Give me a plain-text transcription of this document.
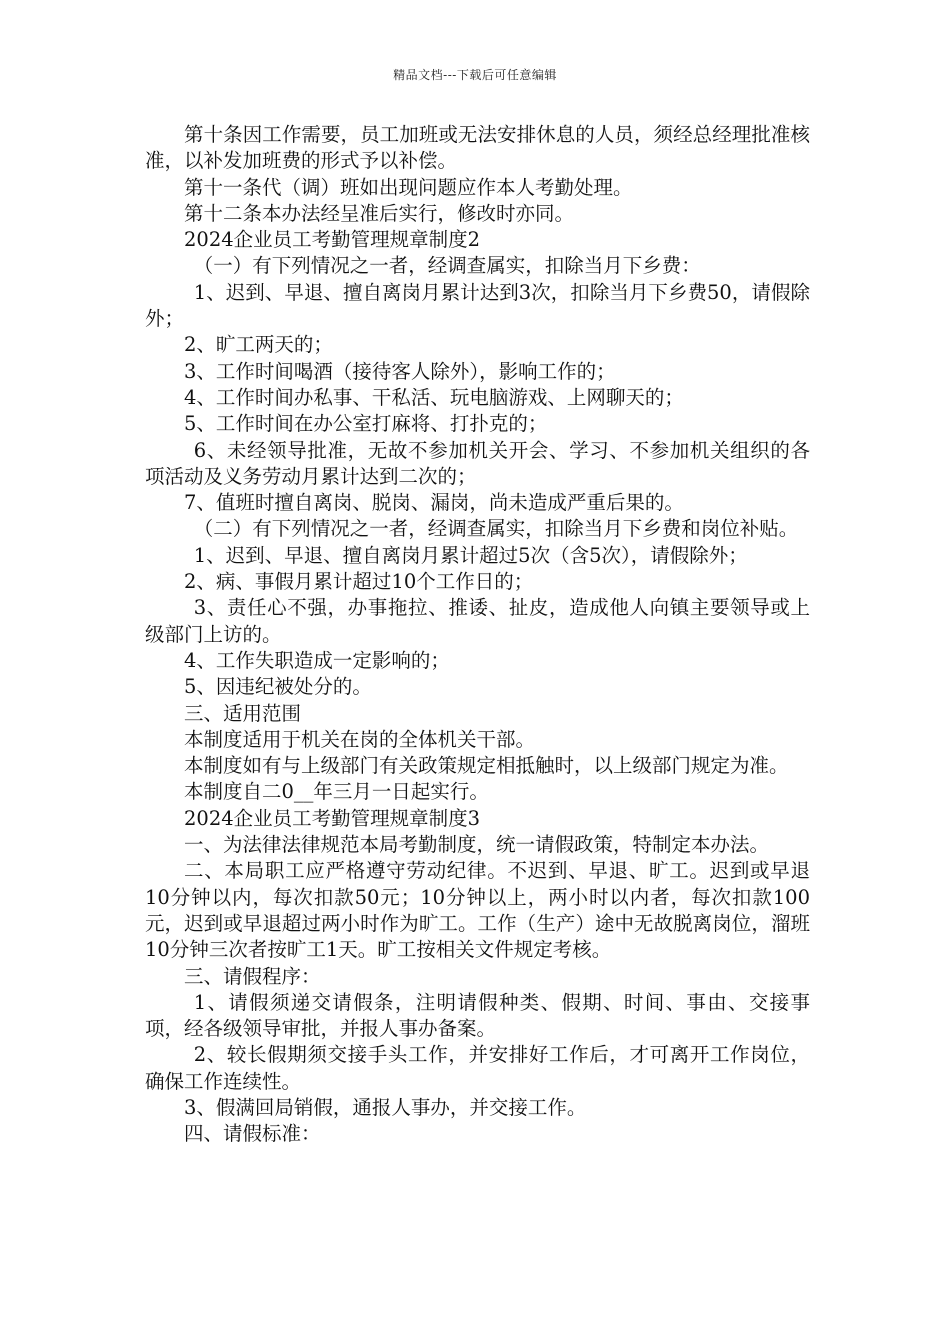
精品文档---下载后可任意编辑

第十条因工作需要，员工加班或无法安排休息的人员，须经总经理批准核准，以补发加班费的形式予以补偿。

第十一条代（调）班如出现问题应作本人考勤处理。

第十二条本办法经呈准后实行，修改时亦同。

2024企业员工考勤管理规章制度2

（一）有下列情况之一者，经调查属实，扣除当月下乡费：

1、迟到、早退、擅自离岗月累计达到3次，扣除当月下乡费50，请假除外；

2、旷工两天的；

3、工作时间喝酒（接待客人除外），影响工作的；

4、工作时间办私事、干私活、玩电脑游戏、上网聊天的；

5、工作时间在办公室打麻将、打扑克的；

6、未经领导批准，无故不参加机关开会、学习、不参加机关组织的各项活动及义务劳动月累计达到二次的；

7、值班时擅自离岗、脱岗、漏岗，尚未造成严重后果的。

（二）有下列情况之一者，经调查属实，扣除当月下乡费和岗位补贴。

1、迟到、早退、擅自离岗月累计超过5次（含5次），请假除外；

2、病、事假月累计超过10个工作日的；

3、责任心不强，办事拖拉、推诿、扯皮，造成他人向镇主要领导或上级部门上访的。

4、工作失职造成一定影响的；

5、因违纪被处分的。

三、适用范围

本制度适用于机关在岗的全体机关干部。

本制度如有与上级部门有关政策规定相抵触时，以上级部门规定为准。

本制度自二0__年三月一日起实行。

2024企业员工考勤管理规章制度3

一、为法律法律规范本局考勤制度，统一请假政策，特制定本办法。

二、本局职工应严格遵守劳动纪律。不迟到、早退、旷工。迟到或早退10分钟以内，每次扣款50元；10分钟以上，两小时以内者，每次扣款100元，迟到或早退超过两小时作为旷工。工作（生产）途中无故脱离岗位，溜班10分钟三次者按旷工1天。旷工按相关文件规定考核。

三、请假程序：

1、请假须递交请假条，注明请假种类、假期、时间、事由、交接事项，经各级领导审批，并报人事办备案。

2、较长假期须交接手头工作，并安排好工作后，才可离开工作岗位，确保工作连续性。

3、假满回局销假，通报人事办，并交接工作。

四、请假标准：
